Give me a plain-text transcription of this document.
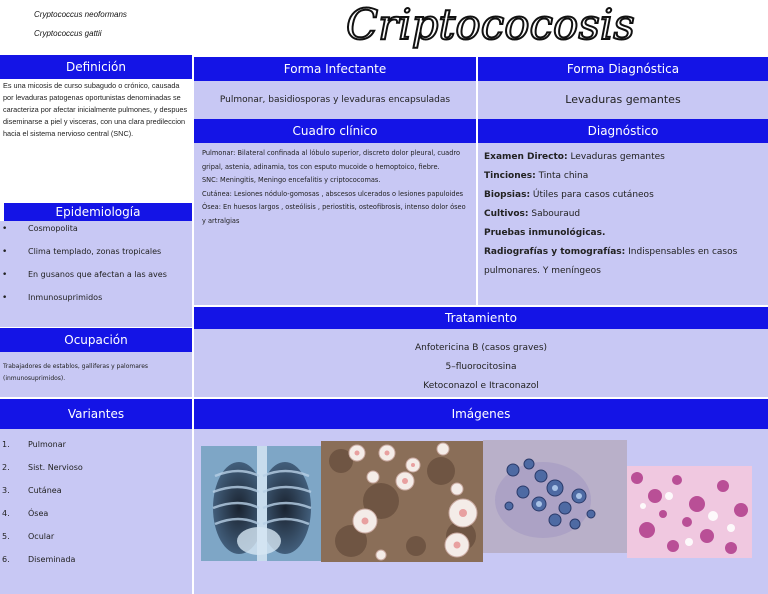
Cryptococcus neoformans
Cryptococcus gattii	Criptococosis
Definición	Forma Infectante	Forma Diagnóstica
Es una micosis de curso subagudo o crónico, causada por levaduras patogenas oportunistas denominadas se caracteriza por afectar inicialmente pulmones, y despues diseminarse a piel y visceras, con una clara predileccion hacia el sistema nervioso central (SNC).
Pulmonar, basidiosporas y levaduras encapsuladas	Levaduras gemantes
Cuadro clínico	Diagnóstico
Pulmonar: Bilateral confinada al lóbulo superior, discreto dolor pleural, cuadro gripal, astenia, adinamia, tos con esputo mucoide o hemoptoico, fiebre.
SNC: Meningitis, Meningo encefalitis y criptococomas.
Cutánea: Lesiones nódulo-gomosas , abscesos ulcerados o lesiones papuloides
Ósea: En huesos largos , osteólisis , periostitis, osteofibrosis, intenso dolor óseo y artralgias
Examen Directo: Levaduras gemantes
Tinciones: Tinta china
Biopsias: Útiles para casos cutáneos
Cultivos: Sabouraud
Pruebas inmunológicas.
Radiografías y tomografías: Indispensables en casos pulmonares. Y meníngeos
Epidemiología
• Cosmopolita
• Clima templado, zonas tropicales
• En gusanos que afectan a las aves
• Inmunosuprimidos
Tratamiento
Anfotericina B (casos graves)
5–fluorocitosina
Ketoconazol e Itraconazol
Ocupación
Trabajadores de establos, galliferas y palomares (inmunosuprimidos).
Variantes
1.	Pulmonar
2.	Sist. Nervioso
3.	Cutánea
4.	Ósea
5.	Ocular
6.	Diseminada
Imágenes
